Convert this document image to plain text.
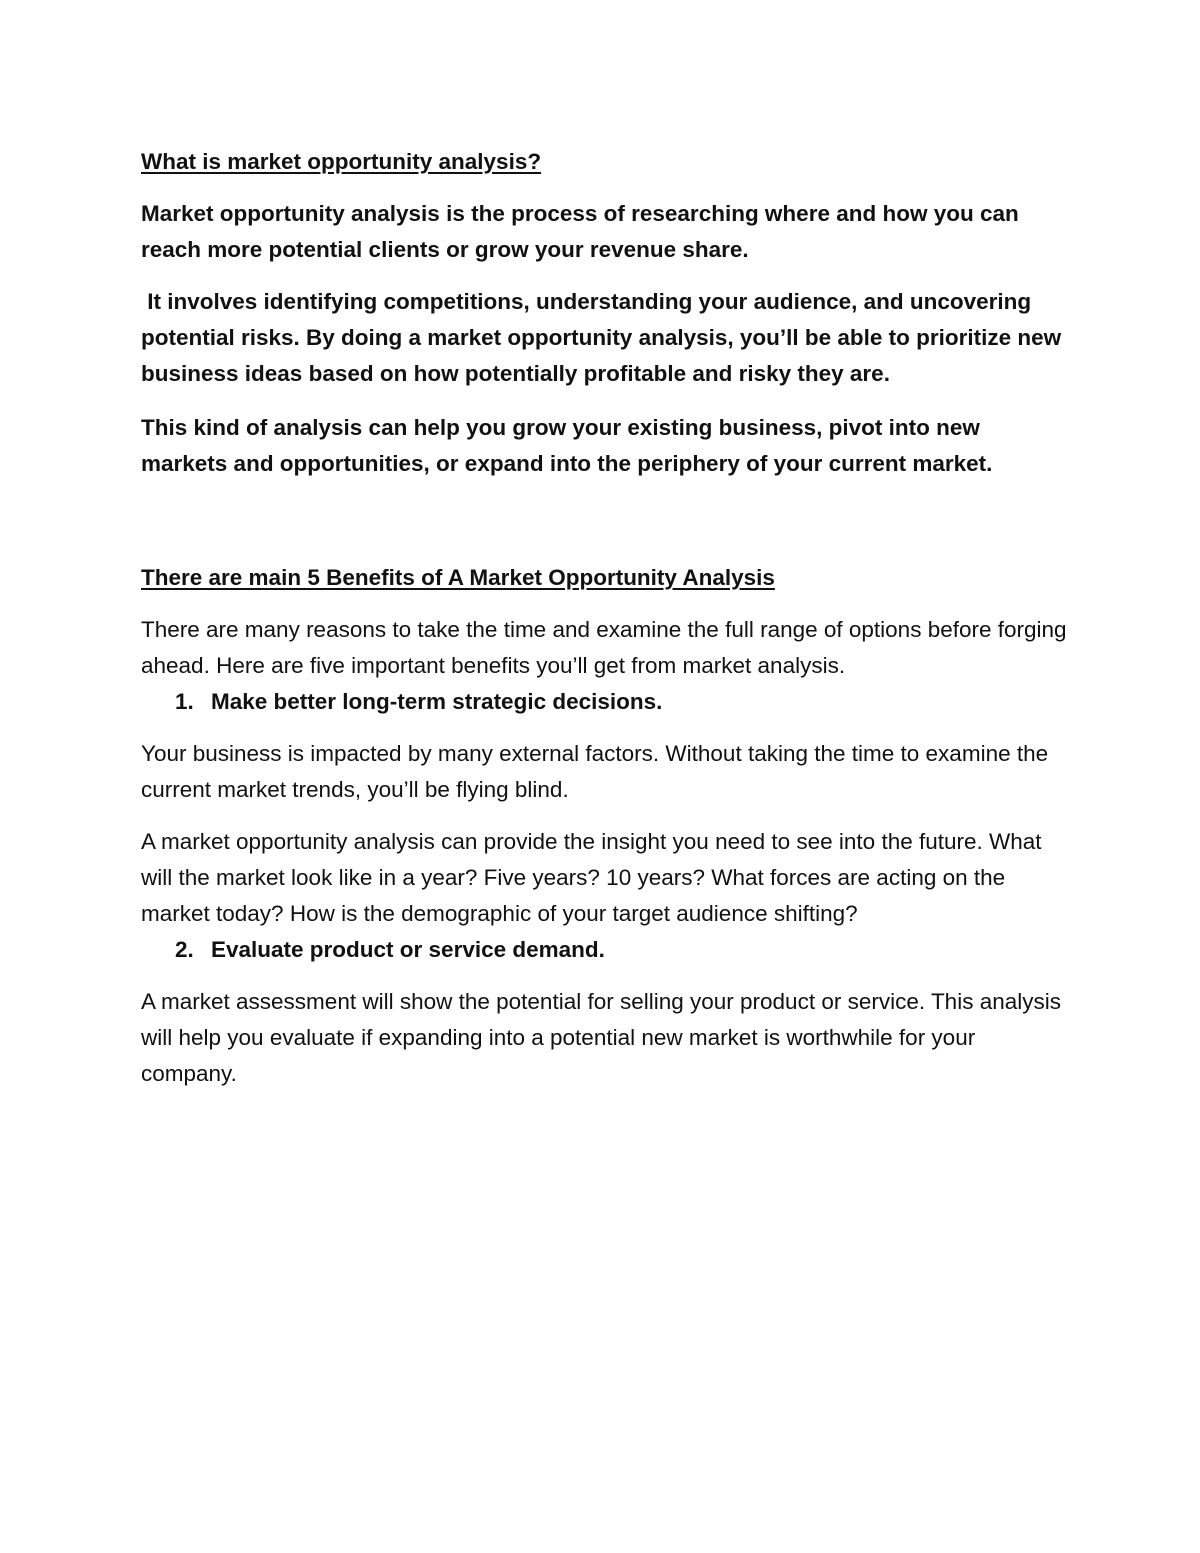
What is market opportunity analysis?

Market opportunity analysis is the process of researching where and how you can reach more potential clients or grow your revenue share.

It involves identifying competitions, understanding your audience, and uncovering potential risks. By doing a market opportunity analysis, you’ll be able to prioritize new business ideas based on how potentially profitable and risky they are.

This kind of analysis can help you grow your existing business, pivot into new markets and opportunities, or expand into the periphery of your current market.

There are main 5 Benefits of A Market Opportunity Analysis

There are many reasons to take the time and examine the full range of options before forging ahead. Here are five important benefits you’ll get from market analysis.

1. Make better long-term strategic decisions.

Your business is impacted by many external factors. Without taking the time to examine the current market trends, you’ll be flying blind.

A market opportunity analysis can provide the insight you need to see into the future. What will the market look like in a year? Five years? 10 years? What forces are acting on the market today? How is the demographic of your target audience shifting?

2. Evaluate product or service demand.

A market assessment will show the potential for selling your product or service. This analysis will help you evaluate if expanding into a potential new market is worthwhile for your company.
